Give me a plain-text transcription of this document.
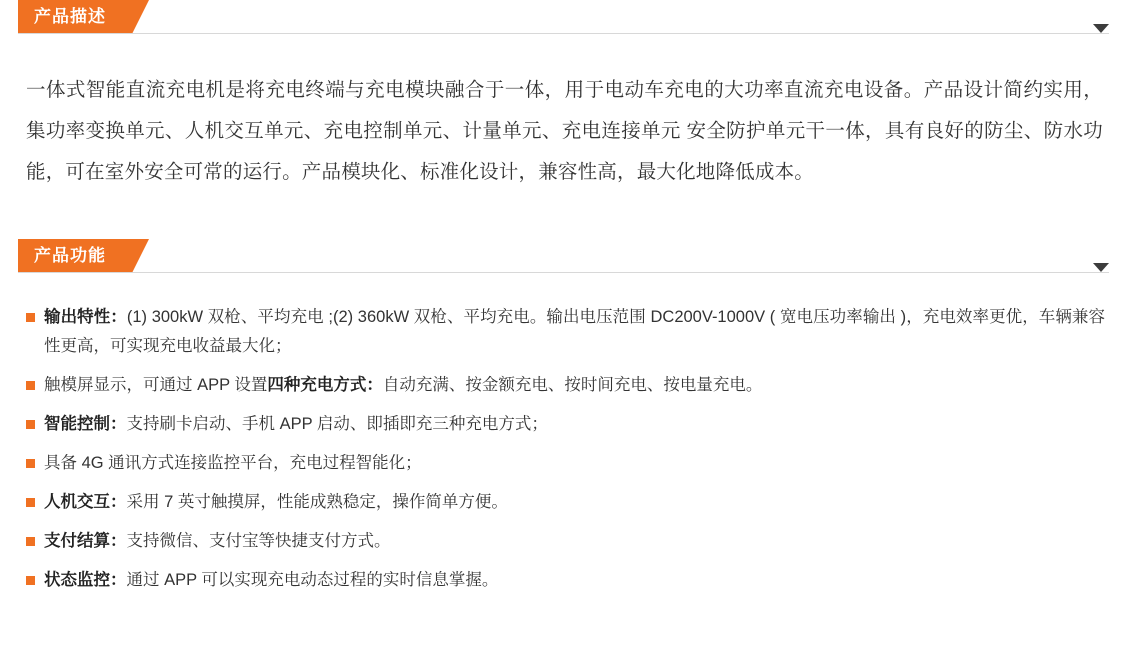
产品描述

一体式智能直流充电机是将充电终端与充电模块融合于一体，用于电动车充电的大功率直流充电设备。产品设计简约实用，集功率变换单元、人机交互单元、充电控制单元、计量单元、充电连接单元 安全防护单元干一体，具有良好的防尘、防水功能，可在室外安全可常的运行。产品模块化、标准化设计，兼容性高，最大化地降低成本。

产品功能
输出特性：(1) 300kW 双枪、平均充电 ;(2) 360kW 双枪、平均充电。输出电压范围 DC200V-1000V ( 宽电压功率输出 )，充电效率更优，车辆兼容性更高，可实现充电收益最大化；
触模屏显示，可通过 APP 设置四种充电方式：自动充满、按金额充电、按时间充电、按电量充电。
智能控制：支持刷卡启动、手机 APP 启动、即插即充三种充电方式；
具备 4G 通讯方式连接监控平台，充电过程智能化；
人机交互：采用 7 英寸触摸屏，性能成熟稳定，操作简单方便。
支付结算：支持微信、支付宝等快捷支付方式。
状态监控：通过 APP 可以实现充电动态过程的实时信息掌握。
